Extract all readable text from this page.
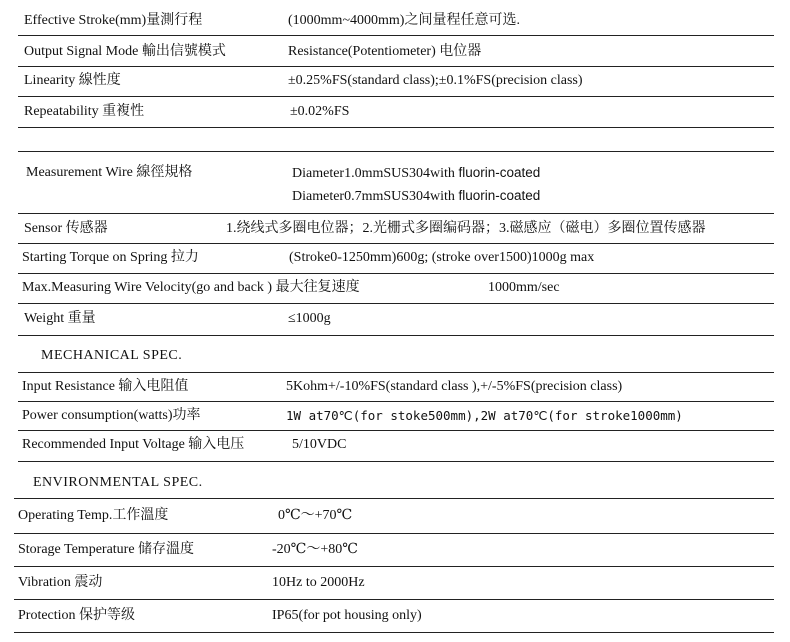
Effective Stroke(mm)量測行程	(1000mm~4000mm)之间量程任意可选.
Output Signal Mode 輸出信號模式	Resistance(Potentiometer) 电位器
Linearity 線性度	±0.25%FS(standard class);±0.1%FS(precision class)
Repeatability 重複性	±0.02%FS
Measurement Wire 線徑規格	Diameter1.0mmSUS304with fluorin-coated
Diameter0.7mmSUS304with fluorin-coated
Sensor 传感器	1.绕线式多圈电位器；2.光栅式多圈编码器；3.磁感应（磁电）多圈位置传感器
Starting Torque on Spring 拉力	(Stroke0-1250mm)600g; (stroke over1500)1000g max
Max.Measuring Wire Velocity(go and back ) 最大往复速度	1000mm/sec
Weight 重量	≤1000g
MECHANICAL SPEC.
Input Resistance 输入电阻值	5Kohm+/-10%FS(standard class ),+/-5%FS(precision class)
Power consumption(watts)功率	1W at70℃(for stoke500mm),2W at70℃(for stroke1000mm)
Recommended Input Voltage 输入电压	5/10VDC
ENVIRONMENTAL SPEC.
Operating Temp.工作溫度	0℃～+70℃
Storage Temperature 储存溫度	-20℃～+80℃
Vibration 震动	10Hz to 2000Hz
Protection 保护等级	IP65(for pot housing only)
